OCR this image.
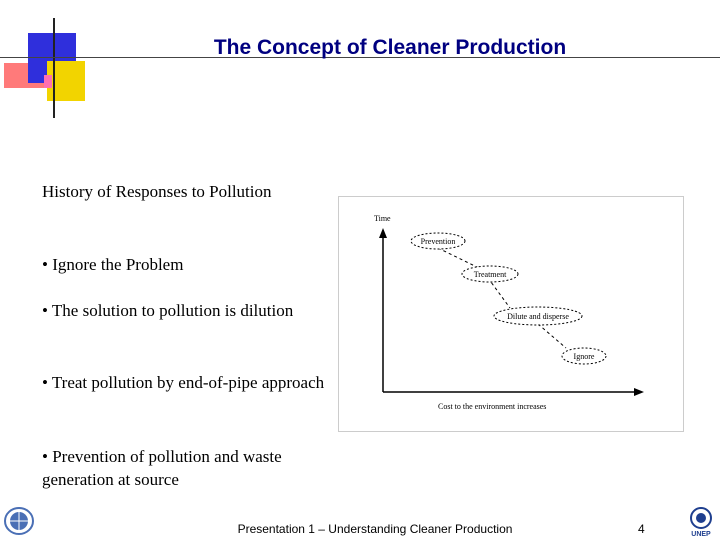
The Concept of Cleaner Production
History of Responses to Pollution
• Ignore the Problem
• The solution to pollution is dilution
• Treat pollution by end-of-pipe approach
• Prevention of pollution and waste generation at source
Time
Cost to the environment increases
Prevention
Treatment
Dilute and disperse
Ignore
Presentation 1 – Understanding Cleaner Production	4	UNEP
